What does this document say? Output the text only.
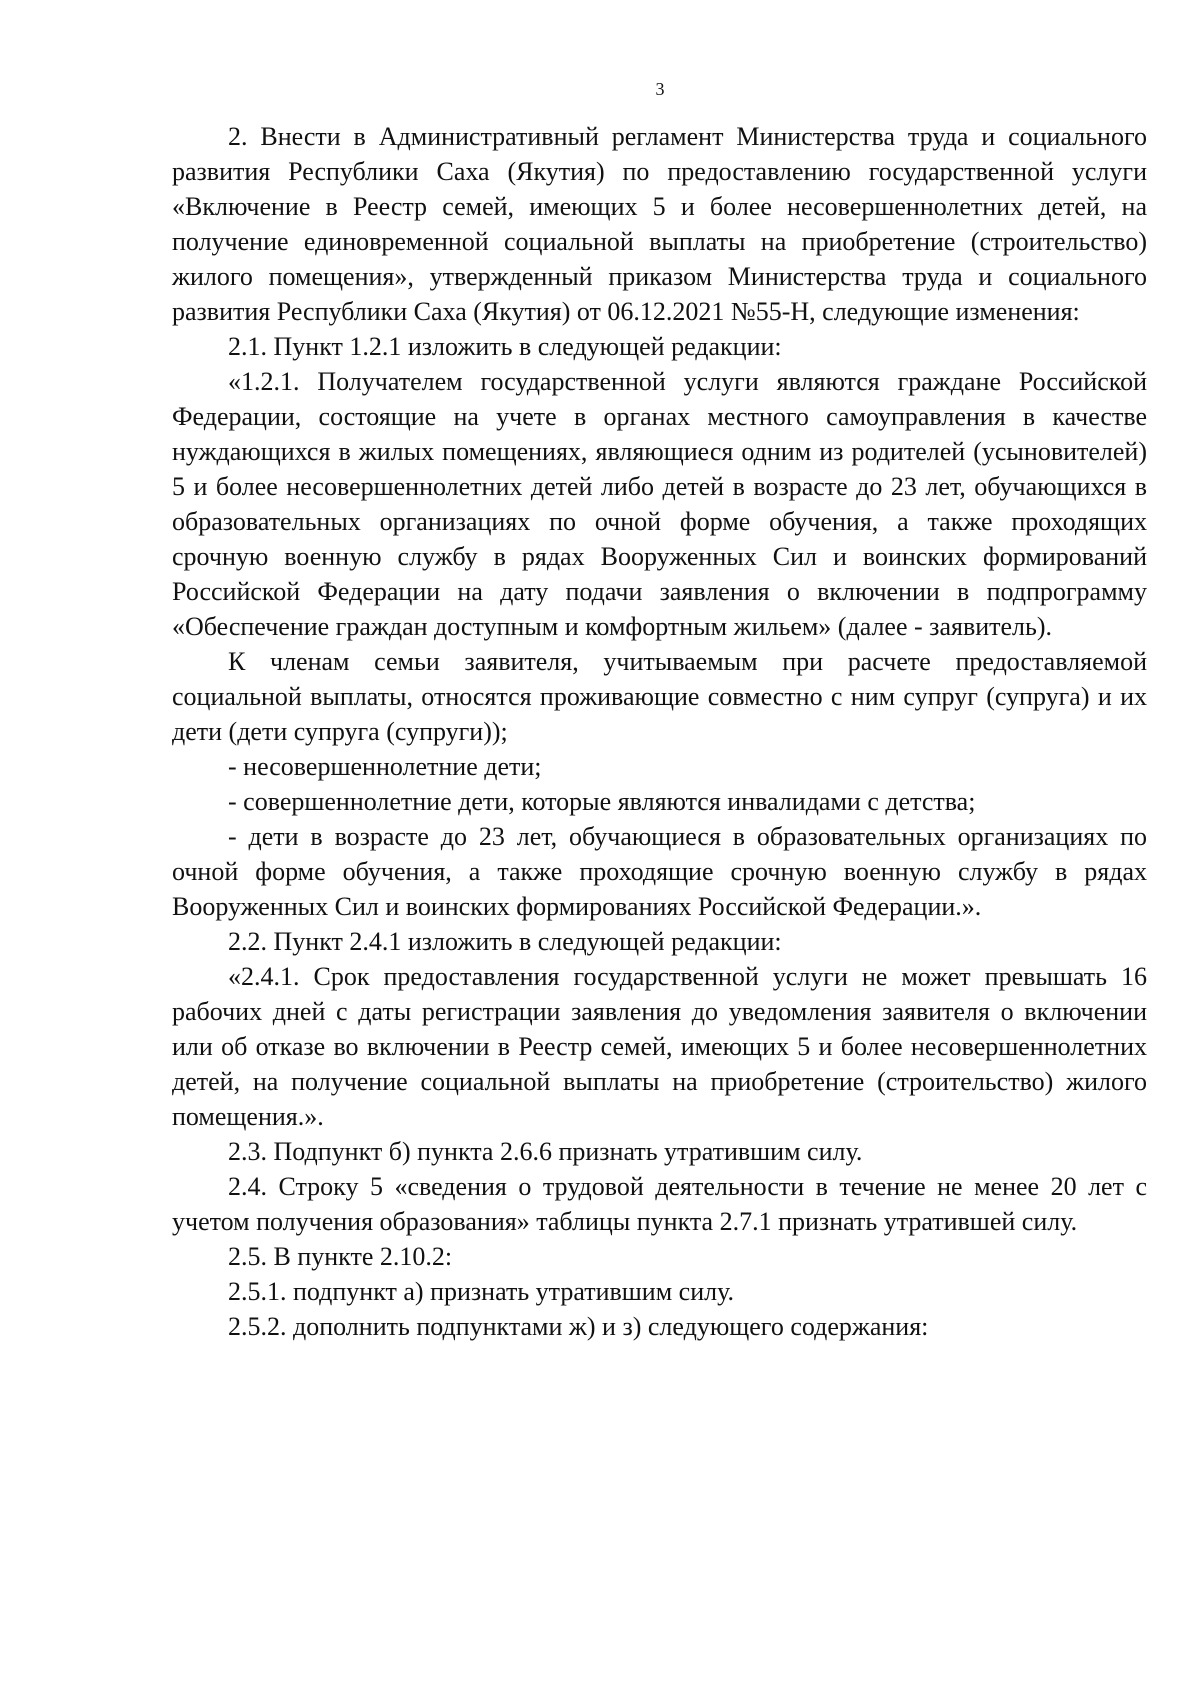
3

2. Внести в Административный регламент Министерства труда и социального развития Республики Саха (Якутия) по предоставлению государственной услуги «Включение в Реестр семей, имеющих 5 и более несовершеннолетних детей, на получение единовременной социальной выплаты на приобретение (строительство) жилого помещения», утвержденный приказом Министерства труда и социального развития Республики Саха (Якутия) от 06.12.2021 №55-Н, следующие изменения:

2.1. Пункт 1.2.1 изложить в следующей редакции:

«1.2.1. Получателем государственной услуги являются граждане Российской Федерации, состоящие на учете в органах местного самоуправления в качестве нуждающихся в жилых помещениях, являющиеся одним из родителей (усыновителей) 5 и более несовершеннолетних детей либо детей в возрасте до 23 лет, обучающихся в образовательных организациях по очной форме обучения, а также проходящих срочную военную службу в рядах Вооруженных Сил и воинских формирований Российской Федерации на дату подачи заявления о включении в подпрограмму «Обеспечение граждан доступным и комфортным жильем» (далее - заявитель).

К членам семьи заявителя, учитываемым при расчете предоставляемой социальной выплаты, относятся проживающие совместно с ним супруг (супруга) и их дети (дети супруга (супруги));

- несовершеннолетние дети;

- совершеннолетние дети, которые являются инвалидами с детства;

- дети в возрасте до 23 лет, обучающиеся в образовательных организациях по очной форме обучения, а также проходящие срочную военную службу в рядах Вооруженных Сил и воинских формированиях Российской Федерации.».

2.2. Пункт 2.4.1 изложить в следующей редакции:

«2.4.1. Срок предоставления государственной услуги не может превышать 16 рабочих дней с даты регистрации заявления до уведомления заявителя о включении или об отказе во включении в Реестр семей, имеющих 5 и более несовершеннолетних детей, на получение социальной выплаты на приобретение (строительство) жилого помещения.».

2.3. Подпункт б) пункта 2.6.6 признать утратившим силу.

2.4. Строку 5 «сведения о трудовой деятельности в течение не менее 20 лет с учетом получения образования» таблицы пункта 2.7.1 признать утратившей силу.

2.5. В пункте 2.10.2:

2.5.1. подпункт а) признать утратившим силу.

2.5.2. дополнить подпунктами ж) и з) следующего содержания:
